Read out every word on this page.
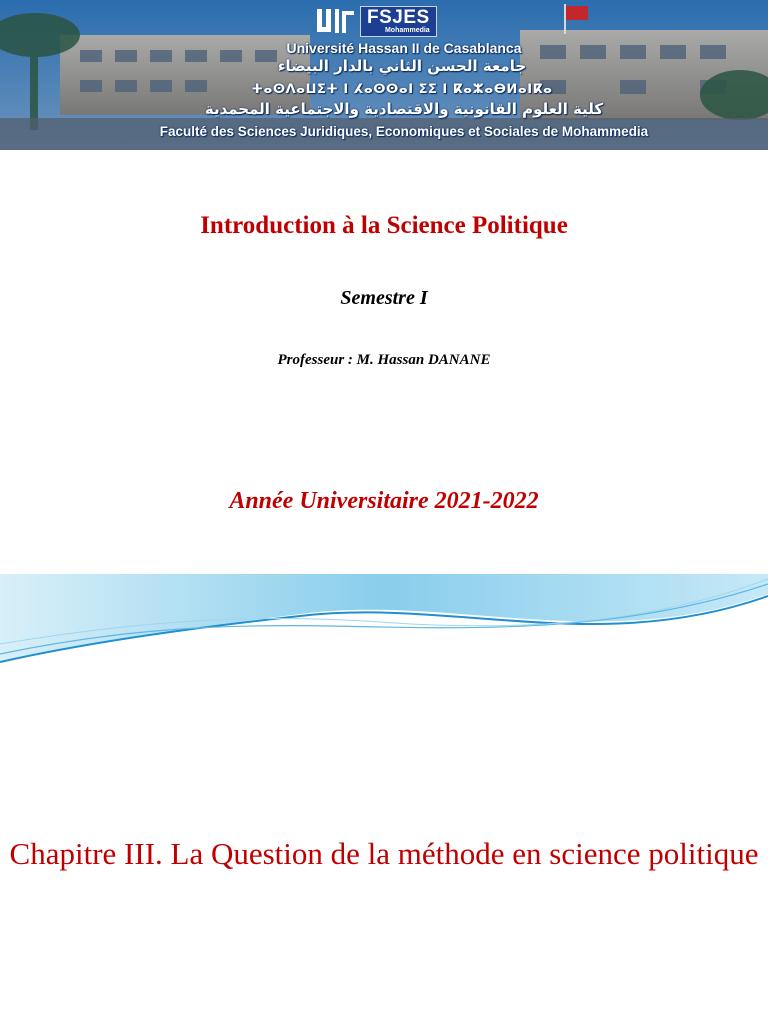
FSJES
Mohammedia
Université Hassan II de Casablanca
جامعة الحسن الثاني بالدار البيضاء
ⵜⴰⵙⴷⴰⵡⵉⵜ ⵏ ⵃⴰⵙⵙⴰⵏ ⵉⵉ ⵏ ⴽⴰⵣⴰⴱⵍⴰⵏⴽⴰ
كلية العلوم القانونية والاقتصادية والاجتماعية المحمدية
Faculté des Sciences Juridiques, Economiques et Sociales de Mohammedia
Introduction à la Science Politique
Semestre I
Professeur : M. Hassan DANANE
Année Universitaire 2021-2022
Chapitre III. La Question de la méthode en science politique
